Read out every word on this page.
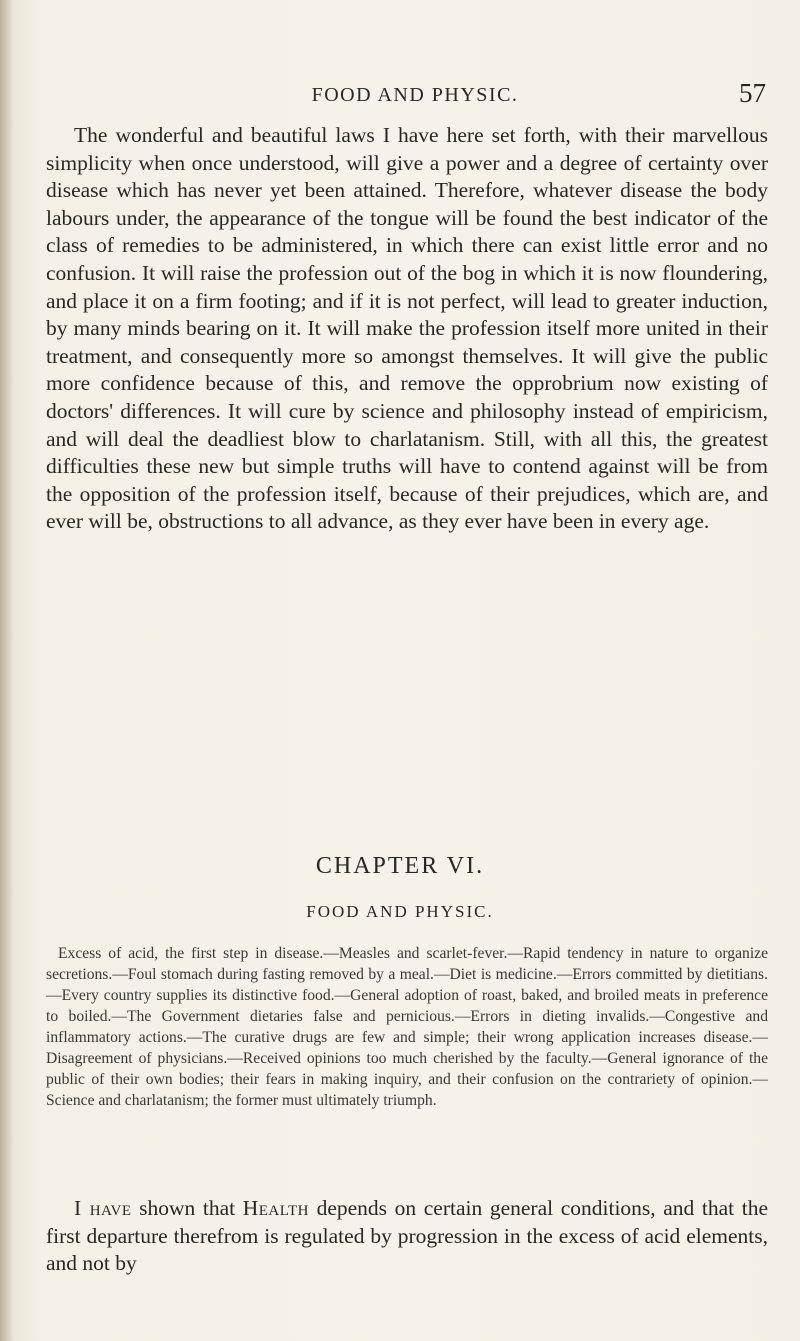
FOOD AND PHYSIC.	57

The wonderful and beautiful laws I have here set forth, with their marvellous simplicity when once understood, will give a power and a degree of certainty over disease which has never yet been attained. Therefore, whatever disease the body labours under, the appearance of the tongue will be found the best indicator of the class of remedies to be administered, in which there can exist little error and no confusion. It will raise the profession out of the bog in which it is now floundering, and place it on a firm footing; and if it is not perfect, will lead to greater induction, by many minds bearing on it. It will make the profession itself more united in their treatment, and consequently more so amongst themselves. It will give the public more confidence because of this, and remove the opprobrium now existing of doctors' differences. It will cure by science and philosophy instead of empiricism, and will deal the deadliest blow to charlatanism. Still, with all this, the greatest difficulties these new but simple truths will have to contend against will be from the opposition of the profession itself, because of their prejudices, which are, and ever will be, obstructions to all advance, as they ever have been in every age.

CHAPTER VI.
FOOD AND PHYSIC.

Excess of acid, the first step in disease.—Measles and scarlet-fever.—Rapid tendency in nature to organize secretions.—Foul stomach during fasting removed by a meal.—Diet is medicine.—Errors committed by dietitians.—Every country supplies its distinctive food.—General adoption of roast, baked, and broiled meats in preference to boiled.—The Government dietaries false and pernicious.—Errors in dieting invalids.—Congestive and inflammatory actions.—The curative drugs are few and simple; their wrong application increases disease.—Disagreement of physicians.—Received opinions too much cherished by the faculty.—General ignorance of the public of their own bodies; their fears in making inquiry, and their confusion on the contrariety of opinion.—Science and charlatanism; the former must ultimately triumph.

I have shown that Health depends on certain general conditions, and that the first departure therefrom is regulated by progression in the excess of acid elements, and not by
